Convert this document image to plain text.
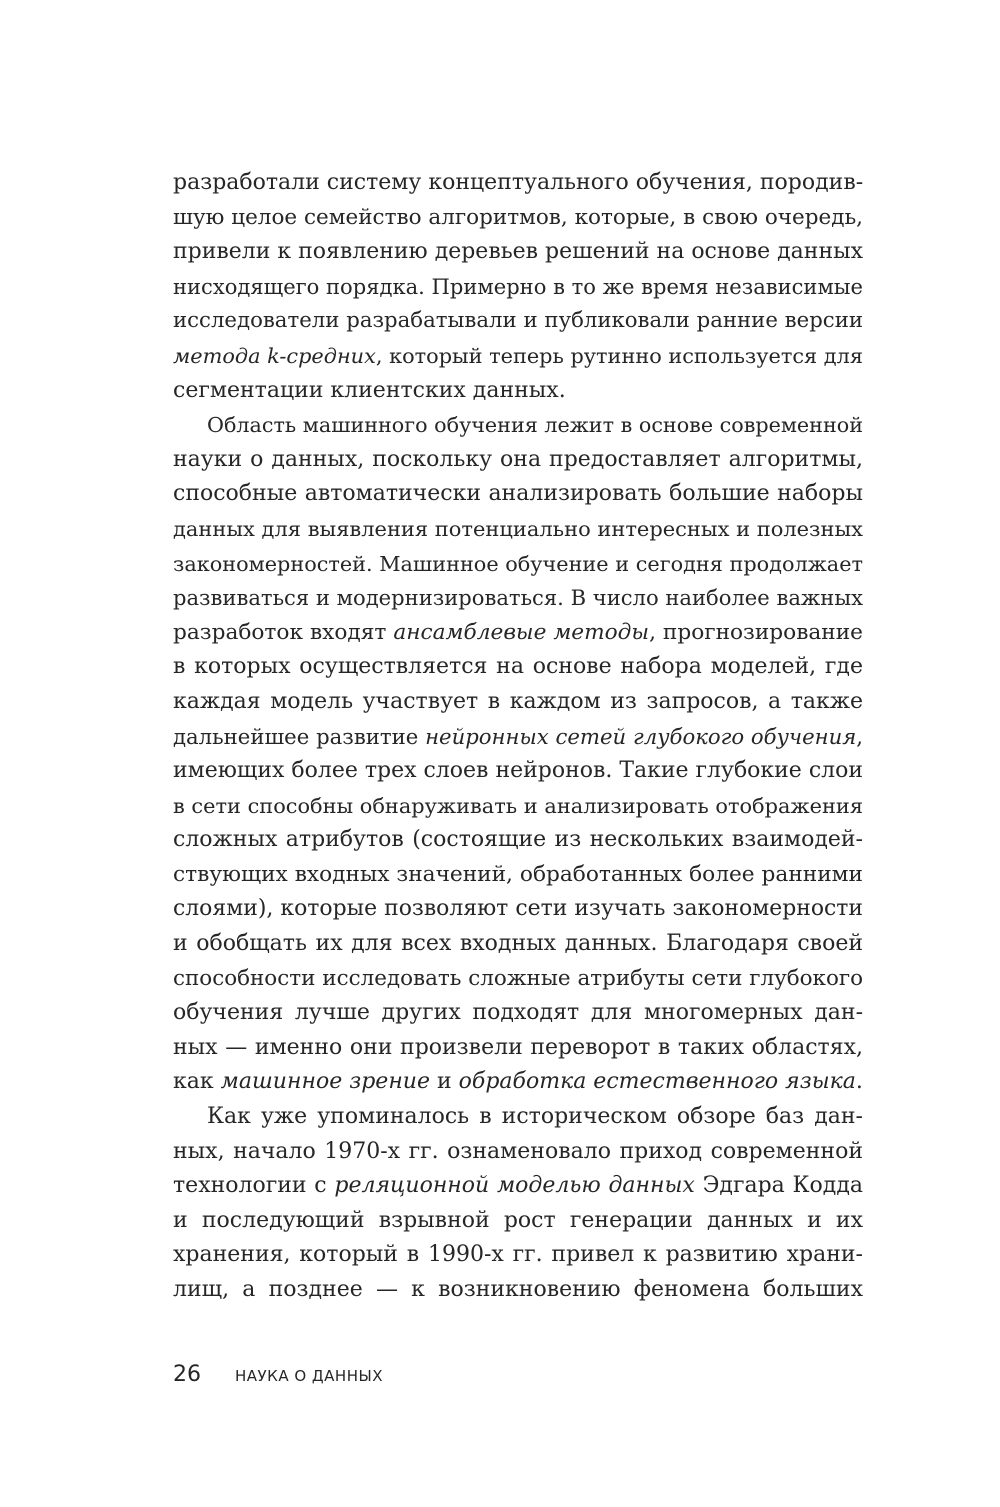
разработали систему концептуального обучения, породив-
шую целое семейство алгоритмов, которые, в свою очередь,
привели к появлению деревьев решений на основе данных
нисходящего порядка. Примерно в то же время независимые
исследователи разрабатывали и публиковали ранние версии
метода k-средних, который теперь рутинно используется для
сегментации клиентских данных.
Область машинного обучения лежит в основе современной
науки о данных, поскольку она предоставляет алгоритмы,
способные автоматически анализировать большие наборы
данных для выявления потенциально интересных и полезных
закономерностей. Машинное обучение и сегодня продолжает
развиваться и модернизироваться. В число наиболее важных
разработок входят ансамблевые методы, прогнозирование
в которых осуществляется на основе набора моделей, где
каждая модель участвует в каждом из запросов, а также
дальнейшее развитие нейронных сетей глубокого обучения,
имеющих более трех слоев нейронов. Такие глубокие слои
в сети способны обнаруживать и анализировать отображения
сложных атрибутов (состоящие из нескольких взаимодей-
ствующих входных значений, обработанных более ранними
слоями), которые позволяют сети изучать закономерности
и обобщать их для всех входных данных. Благодаря своей
способности исследовать сложные атрибуты сети глубокого
обучения лучше других подходят для многомерных дан-
ных — именно они произвели переворот в таких областях,
как машинное зрение и обработка естественного языка.
Как уже упоминалось в историческом обзоре баз дан-
ных, начало 1970-х гг. ознаменовало приход современной
технологии с реляционной моделью данных Эдгара Кодда
и последующий взрывной рост генерации данных и их
хранения, который в 1990-х гг. привел к развитию храни-
лищ, а позднее — к возникновению феномена больших
26 НАУКА О ДАННЫХ
